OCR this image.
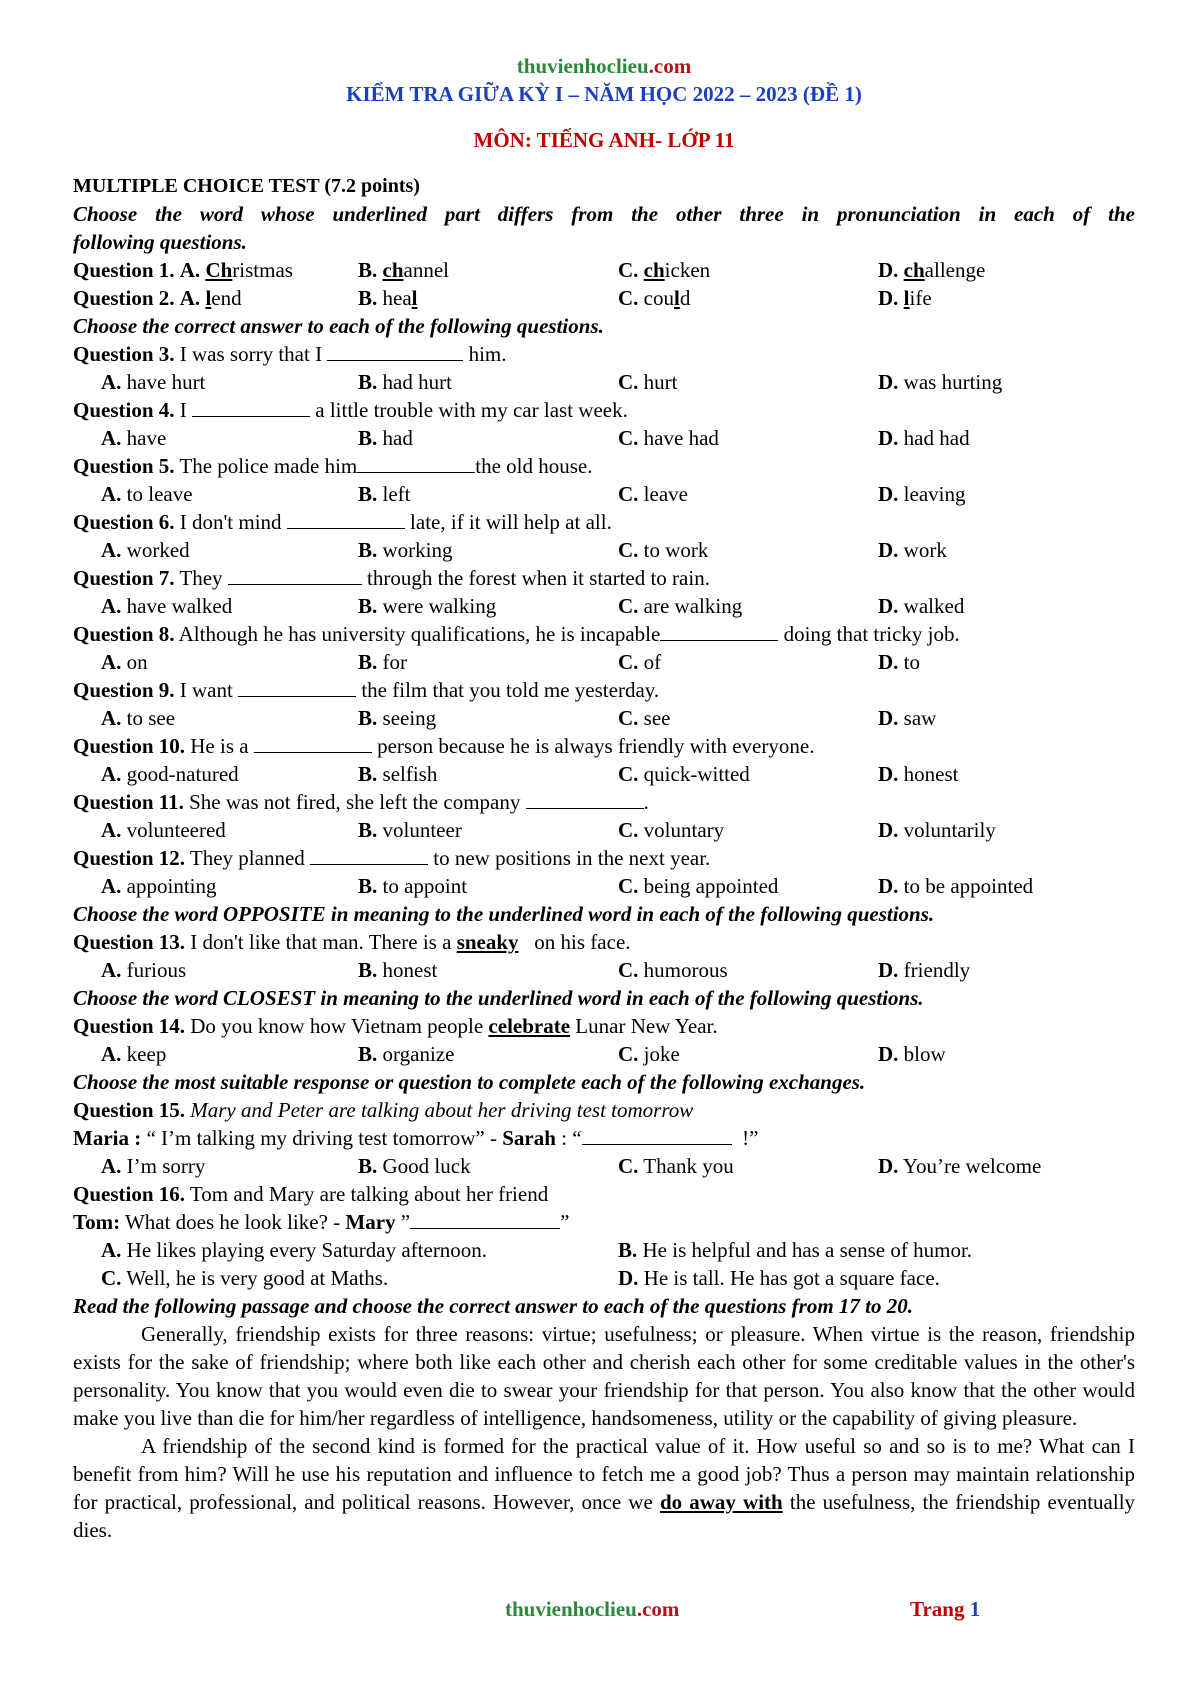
thuvienhoclieu.com
KIỂM TRA GIỮA KỲ I – NĂM HỌC 2022 – 2023 (ĐỀ 1)
MÔN: TIẾNG ANH- LỚP 11
MULTIPLE CHOICE TEST (7.2 points)
Choose the word whose underlined part differs from the other three in pronunciation in each of the
following questions.
Question 1. A. Christmas	B. channel	C. chicken	D. challenge
Question 2. A. lend	B. heal	C. could	D. life
Choose the correct answer to each of the following questions.
Question 3. I was sorry that I	him.
A. have hurt	B. had hurt	C. hurt	D. was hurting
Question 4. I	a little trouble with my car last week.
A. have	B. had	C. have had	D. had had
Question 5. The police made him	the old house.
A. to leave	B. left	C. leave	D. leaving
Question 6. I don't mind	late, if it will help at all.
A. worked	B. working	C. to work	D. work
Question 7. They	through the forest when it started to rain.
A. have walked	B. were walking	C. are walking	D. walked
Question 8. Although he has university qualifications, he is incapable	doing that tricky job.
A. on	B. for	C. of	D. to
Question 9. I want	the film that you told me yesterday.
A. to see	B. seeing	C. see	D. saw
Question 10. He is a	person because he is always friendly with everyone.
A. good-natured	B. selfish	C. quick-witted	D. honest
Question 11. She was not fired, she left the company	.
A. volunteered	B. volunteer	C. voluntary	D. voluntarily
Question 12. They planned	to new positions in the next year.
A. appointing	B. to appoint	C. being appointed	D. to be appointed
Choose the word OPPOSITE in meaning to the underlined word in each of the following questions.
Question 13. I don't like that man. There is a sneaky on his face.
A. furious	B. honest	C. humorous	D. friendly
Choose the word CLOSEST in meaning to the underlined word in each of the following questions.
Question 14. Do you know how Vietnam people celebrate Lunar New Year.
A. keep	B. organize	C. joke	D. blow
Choose the most suitable response or question to complete each of the following exchanges.
Question 15. Mary and Peter are talking about her driving test tomorrow
Maria : “ I’m talking my driving test tomorrow” - Sarah : “	!”
A. I’m sorry	B. Good luck	C. Thank you	D. You’re welcome
Question 16. Tom and Mary are talking about her friend
Tom: What does he look like? - Mary ”	”
A. He likes playing every Saturday afternoon.	B. He is helpful and has a sense of humor.
C. Well, he is very good at Maths.	D. He is tall. He has got a square face.
Read the following passage and choose the correct answer to each of the questions from 17 to 20.
Generally, friendship exists for three reasons: virtue; usefulness; or pleasure. When virtue is the reason, friendship exists for the sake of friendship; where both like each other and cherish each other for some creditable values in the other's personality. You know that you would even die to swear your friendship for that person. You also know that the other would make you live than die for him/her regardless of intelligence, handsomeness, utility or the capability of giving pleasure.
A friendship of the second kind is formed for the practical value of it. How useful so and so is to me? What can I benefit from him? Will he use his reputation and influence to fetch me a good job? Thus a person may maintain relationship for practical, professional, and political reasons. However, once we do away with the usefulness, the friendship eventually dies.
thuvienhoclieu.com	Trang 1
